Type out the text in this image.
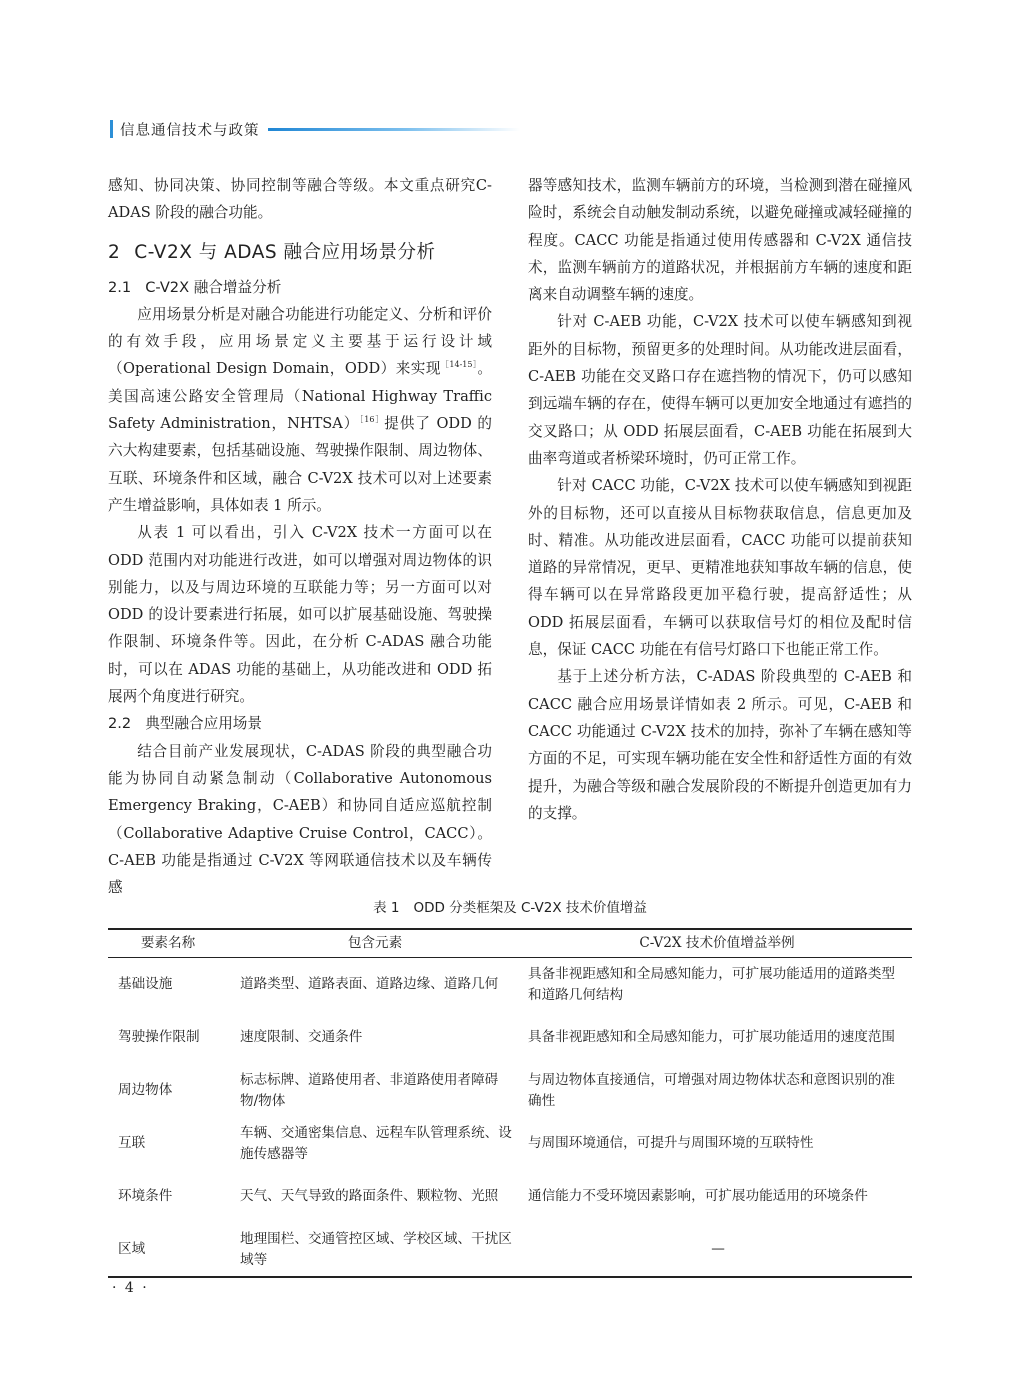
信息通信技术与政策

感知、协同决策、协同控制等融合等级。本文重点研究C-ADAS 阶段的融合功能。

2 C-V2X 与 ADAS 融合应用场景分析
2.1 C-V2X 融合增益分析

应用场景分析是对融合功能进行功能定义、分析和评价的有效手段，应用场景定义主要基于运行设计域（Operational Design Domain，ODD）来实现$^{[14-15]}$。美国高速公路安全管理局（National Highway Traffic Safety Administration，NHTSA）$^{[16]}$提供了 ODD 的六大构建要素，包括基础设施、驾驶操作限制、周边物体、互联、环境条件和区域，融合 C-V2X 技术可以对上述要素产生增益影响，具体如表 1 所示。

从表 1 可以看出，引入 C-V2X 技术一方面可以在 ODD 范围内对功能进行改进，如可以增强对周边物体的识别能力，以及与周边环境的互联能力等；另一方面可以对 ODD 的设计要素进行拓展，如可以扩展基础设施、驾驶操作限制、环境条件等。因此，在分析 C-ADAS 融合功能时，可以在 ADAS 功能的基础上，从功能改进和 ODD 拓展两个角度进行研究。

2.2 典型融合应用场景

结合目前产业发展现状，C-ADAS 阶段的典型融合功能为协同自动紧急制动（Collaborative Autonomous Emergency Braking，C-AEB）和协同自适应巡航控制（Collaborative Adaptive Cruise Control，CACC）。C-AEB 功能是指通过 C-V2X 等网联通信技术以及车辆传感

器等感知技术，监测车辆前方的环境，当检测到潜在碰撞风险时，系统会自动触发制动系统，以避免碰撞或减轻碰撞的程度。CACC 功能是指通过使用传感器和 C-V2X 通信技术，监测车辆前方的道路状况，并根据前方车辆的速度和距离来自动调整车辆的速度。

针对 C-AEB 功能，C-V2X 技术可以使车辆感知到视距外的目标物，预留更多的处理时间。从功能改进层面看，C-AEB 功能在交叉路口存在遮挡物的情况下，仍可以感知到远端车辆的存在，使得车辆可以更加安全地通过有遮挡的交叉路口；从 ODD 拓展层面看，C-AEB 功能在拓展到大曲率弯道或者桥梁环境时，仍可正常工作。

针对 CACC 功能，C-V2X 技术可以使车辆感知到视距外的目标物，还可以直接从目标物获取信息，信息更加及时、精准。从功能改进层面看，CACC 功能可以提前获知道路的异常情况，更早、更精准地获知事故车辆的信息，使得车辆可以在异常路段更加平稳行驶，提高舒适性；从 ODD 拓展层面看，车辆可以获取信号灯的相位及配时信息，保证 CACC 功能在有信号灯路口下也能正常工作。

基于上述分析方法，C-ADAS 阶段典型的 C-AEB 和 CACC 融合应用场景详情如表 2 所示。可见，C-AEB 和 CACC 功能通过 C-V2X 技术的加持，弥补了车辆在感知等方面的不足，可实现车辆功能在安全性和舒适性方面的有效提升，为融合等级和融合发展阶段的不断提升创造更加有力的支撑。

表 1 ODD 分类框架及 C-V2X 技术价值增益
要素名称	包含元素	C-V2X 技术价值增益举例
基础设施	道路类型、道路表面、道路边缘、道路几何	具备非视距感知和全局感知能力，可扩展功能适用的道路类型和道路几何结构
驾驶操作限制	速度限制、交通条件	具备非视距感知和全局感知能力，可扩展功能适用的速度范围
周边物体	标志标牌、道路使用者、非道路使用者障碍物/物体	与周边物体直接通信，可增强对周边物体状态和意图识别的准确性
互联	车辆、交通密集信息、远程车队管理系统、设施传感器等	与周围环境通信，可提升与周围环境的互联特性
环境条件	天气、天气导致的路面条件、颗粒物、光照	通信能力不受环境因素影响，可扩展功能适用的环境条件
区域	地理围栏、交通管控区域、学校区域、干扰区域等	—
· 4 ·
